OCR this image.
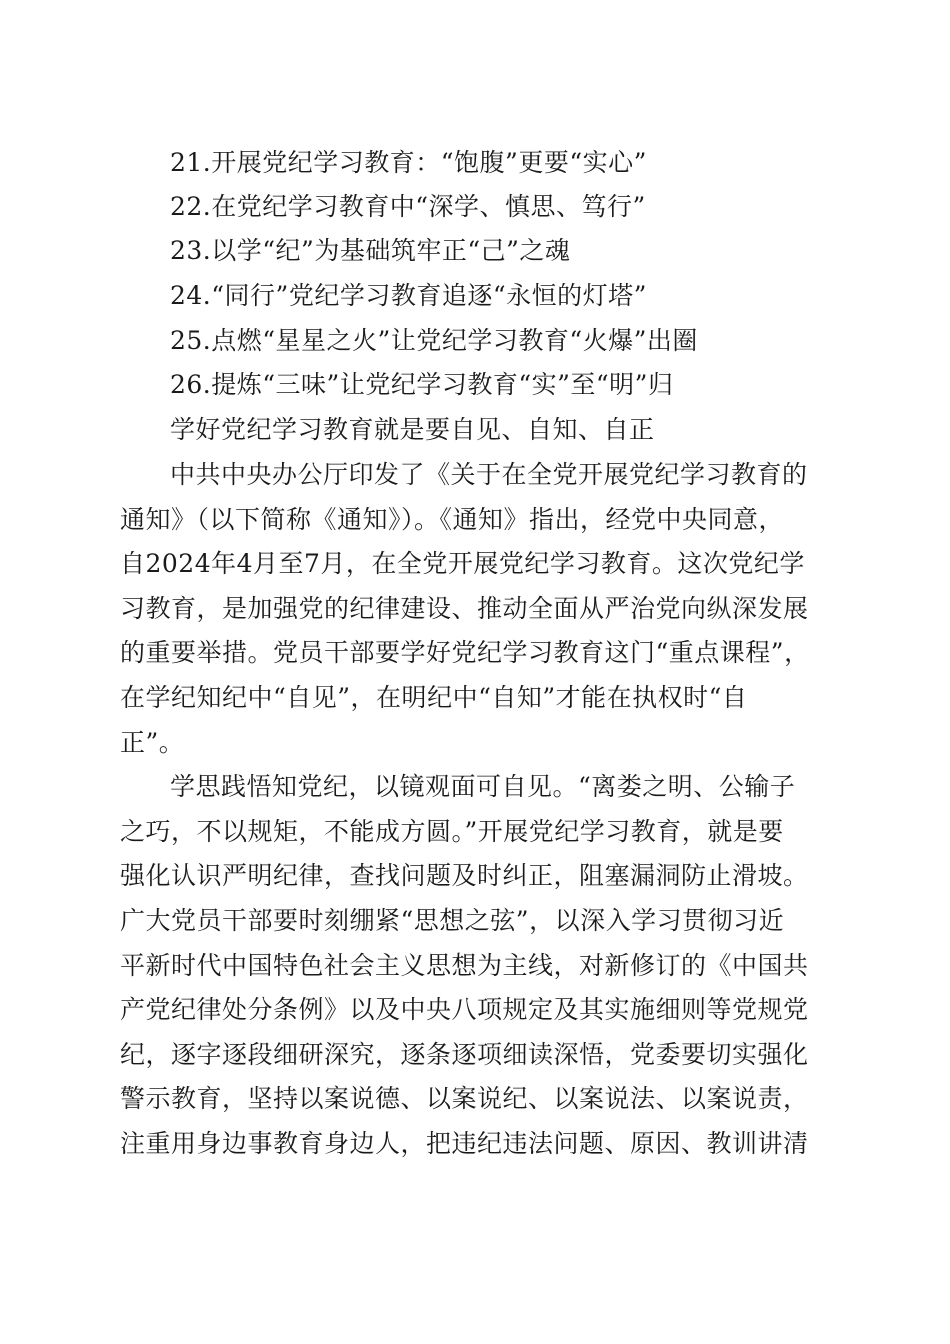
21.开展党纪学习教育：“饱腹”更要“实心”
22.在党纪学习教育中“深学、慎思、笃行”
23.以学“纪”为基础筑牢正“己”之魂
24.“同行”党纪学习教育追逐“永恒的灯塔”
25.点燃“星星之火”让党纪学习教育“火爆”出圈
26.提炼“三味”让党纪学习教育“实”至“明”归
学好党纪学习教育就是要自见、自知、自正
中共中央办公厅印发了《关于在全党开展党纪学习教育的
通知》（以下简称《通知》）。《通知》指出，经党中央同意，
自2024年4月至7月，在全党开展党纪学习教育。这次党纪学
习教育，是加强党的纪律建设、推动全面从严治党向纵深发展
的重要举措。党员干部要学好党纪学习教育这门“重点课程”，
在学纪知纪中“自见”，在明纪中“自知”才能在执权时“自
正”。
学思践悟知党纪，以镜观面可自见。“离娄之明、公输子
之巧，不以规矩，不能成方圆。”开展党纪学习教育，就是要
强化认识严明纪律，查找问题及时纠正，阻塞漏洞防止滑坡。
广大党员干部要时刻绷紧“思想之弦”，以深入学习贯彻习近
平新时代中国特色社会主义思想为主线，对新修订的《中国共
产党纪律处分条例》以及中央八项规定及其实施细则等党规党
纪，逐字逐段细研深究，逐条逐项细读深悟，党委要切实强化
警示教育，坚持以案说德、以案说纪、以案说法、以案说责，
注重用身边事教育身边人，把违纪违法问题、原因、教训讲清
